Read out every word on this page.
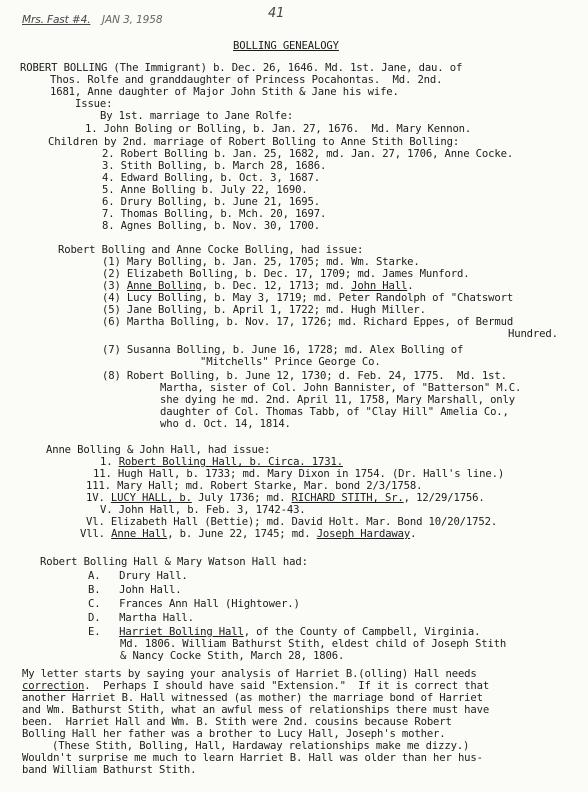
Mrs. Fast #4. JAN 3, 1958	41
BOLLING GENEALOGY
ROBERT BOLLING (The Immigrant) b. Dec. 26, 1646. Md. 1st. Jane, dau. of
Thos. Rolfe and granddaughter of Princess Pocahontas.  Md. 2nd.
1681, Anne daughter of Major John Stith & Jane his wife.
Issue:
By 1st. marriage to Jane Rolfe:
1. John Boling or Bolling, b. Jan. 27, 1676.  Md. Mary Kennon.
Children by 2nd. marriage of Robert Bolling to Anne Stith Bolling:
2. Robert Bolling b. Jan. 25, 1682, md. Jan. 27, 1706, Anne Cocke.
3. Stith Bolling, b. March 28, 1686.
4. Edward Bolling, b. Oct. 3, 1687.
5. Anne Bolling b. July 22, 1690.
6. Drury Bolling, b. June 21, 1695.
7. Thomas Bolling, b. Mch. 20, 1697.
8. Agnes Bolling, b. Nov. 30, 1700.
Robert Bolling and Anne Cocke Bolling, had issue:
(1) Mary Bolling, b. Jan. 25, 1705; md. Wm. Starke.
(2) Elizabeth Bolling, b. Dec. 17, 1709; md. James Munford.
(3) Anne Bolling, b. Dec. 12, 1713; md. John Hall.
(4) Lucy Bolling, b. May 3, 1719; md. Peter Randolph of "Chatswort
(5) Jane Bolling, b. April 1, 1722; md. Hugh Miller.
(6) Martha Bolling, b. Nov. 17, 1726; md. Richard Eppes, of Bermud
Hundred.
(7) Susanna Bolling, b. June 16, 1728; md. Alex Bolling of
"Mitchells" Prince George Co.
(8) Robert Bolling, b. June 12, 1730; d. Feb. 24, 1775.  Md. 1st.
Martha, sister of Col. John Bannister, of "Batterson" M.C.
she dying he md. 2nd. April 11, 1758, Mary Marshall, only
daughter of Col. Thomas Tabb, of "Clay Hill" Amelia Co.,
who d. Oct. 14, 1814.
Anne Bolling & John Hall, had issue:
1. Robert Bolling Hall, b. Circa. 1731.
11. Hugh Hall, b. 1733; md. Mary Dixon in 1754. (Dr. Hall's line.)
111. Mary Hall; md. Robert Starke, Mar. bond 2/3/1758.
1V. LUCY HALL, b. July 1736; md. RICHARD STITH, Sr., 12/29/1756.
V. John Hall, b. Feb. 3, 1742-43.
Vl. Elizabeth Hall (Bettie); md. David Holt. Mar. Bond 10/20/1752.
Vll. Anne Hall, b. June 22, 1745; md. Joseph Hardaway.
Robert Bolling Hall & Mary Watson Hall had:
A.   Drury Hall.
B.   John Hall.
C.   Frances Ann Hall (Hightower.)
D.   Martha Hall.
E.   Harriet Bolling Hall, of the County of Campbell, Virginia.
Md. 1806. William Bathurst Stith, eldest child of Joseph Stith
& Nancy Cocke Stith, March 28, 1806.
My letter starts by saying your analysis of Harriet B.(olling) Hall needs
correction.  Perhaps I should have said "Extension."  If it is correct that
another Harriet B. Hall witnessed (as mother) the marriage bond of Harriet
and Wm. Bathurst Stith, what an awful mess of relationships there must have
been.  Harriet Hall and Wm. B. Stith were 2nd. cousins because Robert
Bolling Hall her father was a brother to Lucy Hall, Joseph's mother.
(These Stith, Bolling, Hall, Hardaway relationships make me dizzy.)
Wouldn't surprise me much to learn Harriet B. Hall was older than her hus-
band William Bathurst Stith.
